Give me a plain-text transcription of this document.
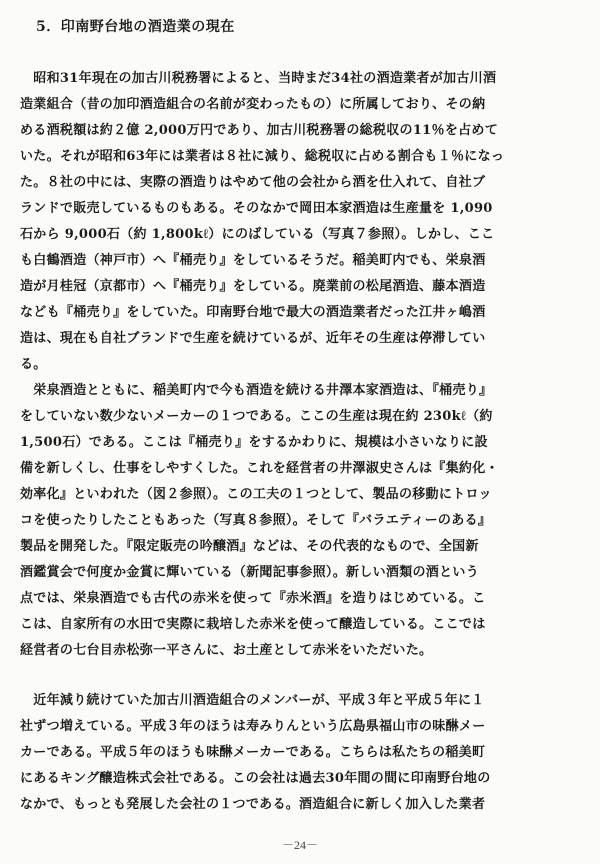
5．印南野台地の酒造業の現在
　昭和31年現在の加古川税務署によると、当時まだ34社の酒造業者が加古川酒
造業組合（昔の加印酒造組合の名前が変わったもの）に所属しており、その納
める酒税額は約２億 2,000万円であり、加古川税務署の総税収の11％を占めて
いた。それが昭和63年には業者は８社に減り、総税収に占める割合も１％になっ
た。８社の中には、実際の酒造りはやめて他の会社から酒を仕入れて、自社ブ
ランドで販売しているものもある。そのなかで岡田本家酒造は生産量を 1,090
石から 9,000石（約 1,800kℓ）にのばしている（写真７参照）。しかし、ここ
も白鶴酒造（神戸市）へ『桶売り』をしているそうだ。稲美町内でも、栄泉酒
造が月桂冠（京都市）へ『桶売り』をしている。廃業前の松尾酒造、藤本酒造
なども『桶売り』をしていた。印南野台地で最大の酒造業者だった江井ヶ嶋酒
造は、現在も自社ブランドで生産を続けているが、近年その生産は停滞してい
る。
　栄泉酒造とともに、稲美町内で今も酒造を続ける井澤本家酒造は、『桶売り』
をしていない数少ないメーカーの１つである。ここの生産は現在約 230kℓ（約
1,500石）である。ここは『桶売り』をするかわりに、規模は小さいなりに設
備を新しくし、仕事をしやすくした。これを経営者の井澤淑史さんは『集約化・
効率化』といわれた（図２参照）。この工夫の１つとして、製品の移動にトロッ
コを使ったりしたこともあった（写真８参照）。そして『バラエティーのある』
製品を開発した。『限定販売の吟醸酒』などは、その代表的なもので、全国新
酒鑑賞会で何度か金賞に輝いている（新聞記事参照）。新しい酒類の酒という
点では、栄泉酒造でも古代の赤米を使って『赤米酒』を造りはじめている。こ
こは、自家所有の水田で実際に栽培した赤米を使って醸造している。ここでは
経営者の七台目赤松弥一平さんに、お土産として赤米をいただいた。
　近年減り続けていた加古川酒造組合のメンバーが、平成３年と平成５年に１
社ずつ増えている。平成３年のほうは寿みりんという広島県福山市の味醂メー
カーである。平成５年のほうも味醂メーカーである。こちらは私たちの稲美町
にあるキング醸造株式会社である。この会社は過去30年間の間に印南野台地の
なかで、もっとも発展した会社の１つである。酒造組合に新しく加入した業者
－24－
